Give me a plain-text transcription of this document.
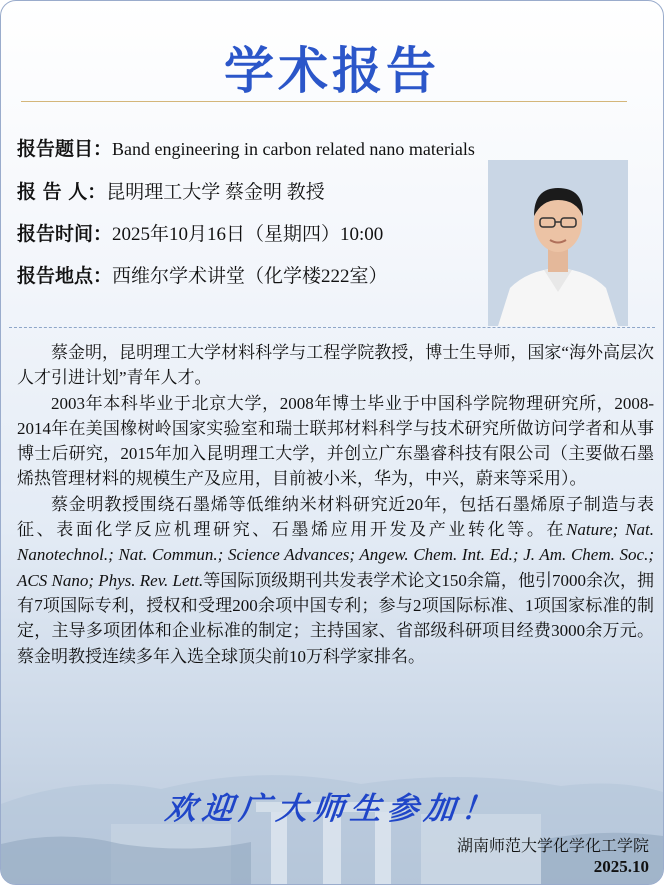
学术报告
报告题目：Band engineering in carbon related nano materials
报 告 人：昆明理工大学 蔡金明 教授
报告时间：2025年10月16日（星期四）10:00
报告地点：西维尔学术讲堂（化学楼222室）

蔡金明，昆明理工大学材料科学与工程学院教授，博士生导师，国家“海外高层次人才引进计划”青年人才。

2003年本科毕业于北京大学，2008年博士毕业于中国科学院物理研究所，2008-2014年在美国橡树岭国家实验室和瑞士联邦材料科学与技术研究所做访问学者和从事博士后研究，2015年加入昆明理工大学，并创立广东墨睿科技有限公司（主要做石墨烯热管理材料的规模生产及应用，目前被小米，华为，中兴，蔚来等采用）。

蔡金明教授围绕石墨烯等低维纳米材料研究近20年，包括石墨烯原子制造与表征、表面化学反应机理研究、石墨烯应用开发及产业转化等。在Nature; Nat. Nanotechnol.; Nat. Commun.; Science Advances; Angew. Chem. Int. Ed.; J. Am. Chem. Soc.; ACS Nano; Phys. Rev. Lett.等国际顶级期刊共发表学术论文150余篇，他引7000余次，拥有7项国际专利，授权和受理200余项中国专利；参与2项国际标准、1项国家标准的制定，主导多项团体和企业标准的制定；主持国家、省部级科研项目经费3000余万元。蔡金明教授连续多年入选全球顶尖前10万科学家排名。

欢迎广大师生参加！
湖南师范大学化学化工学院
2025.10
